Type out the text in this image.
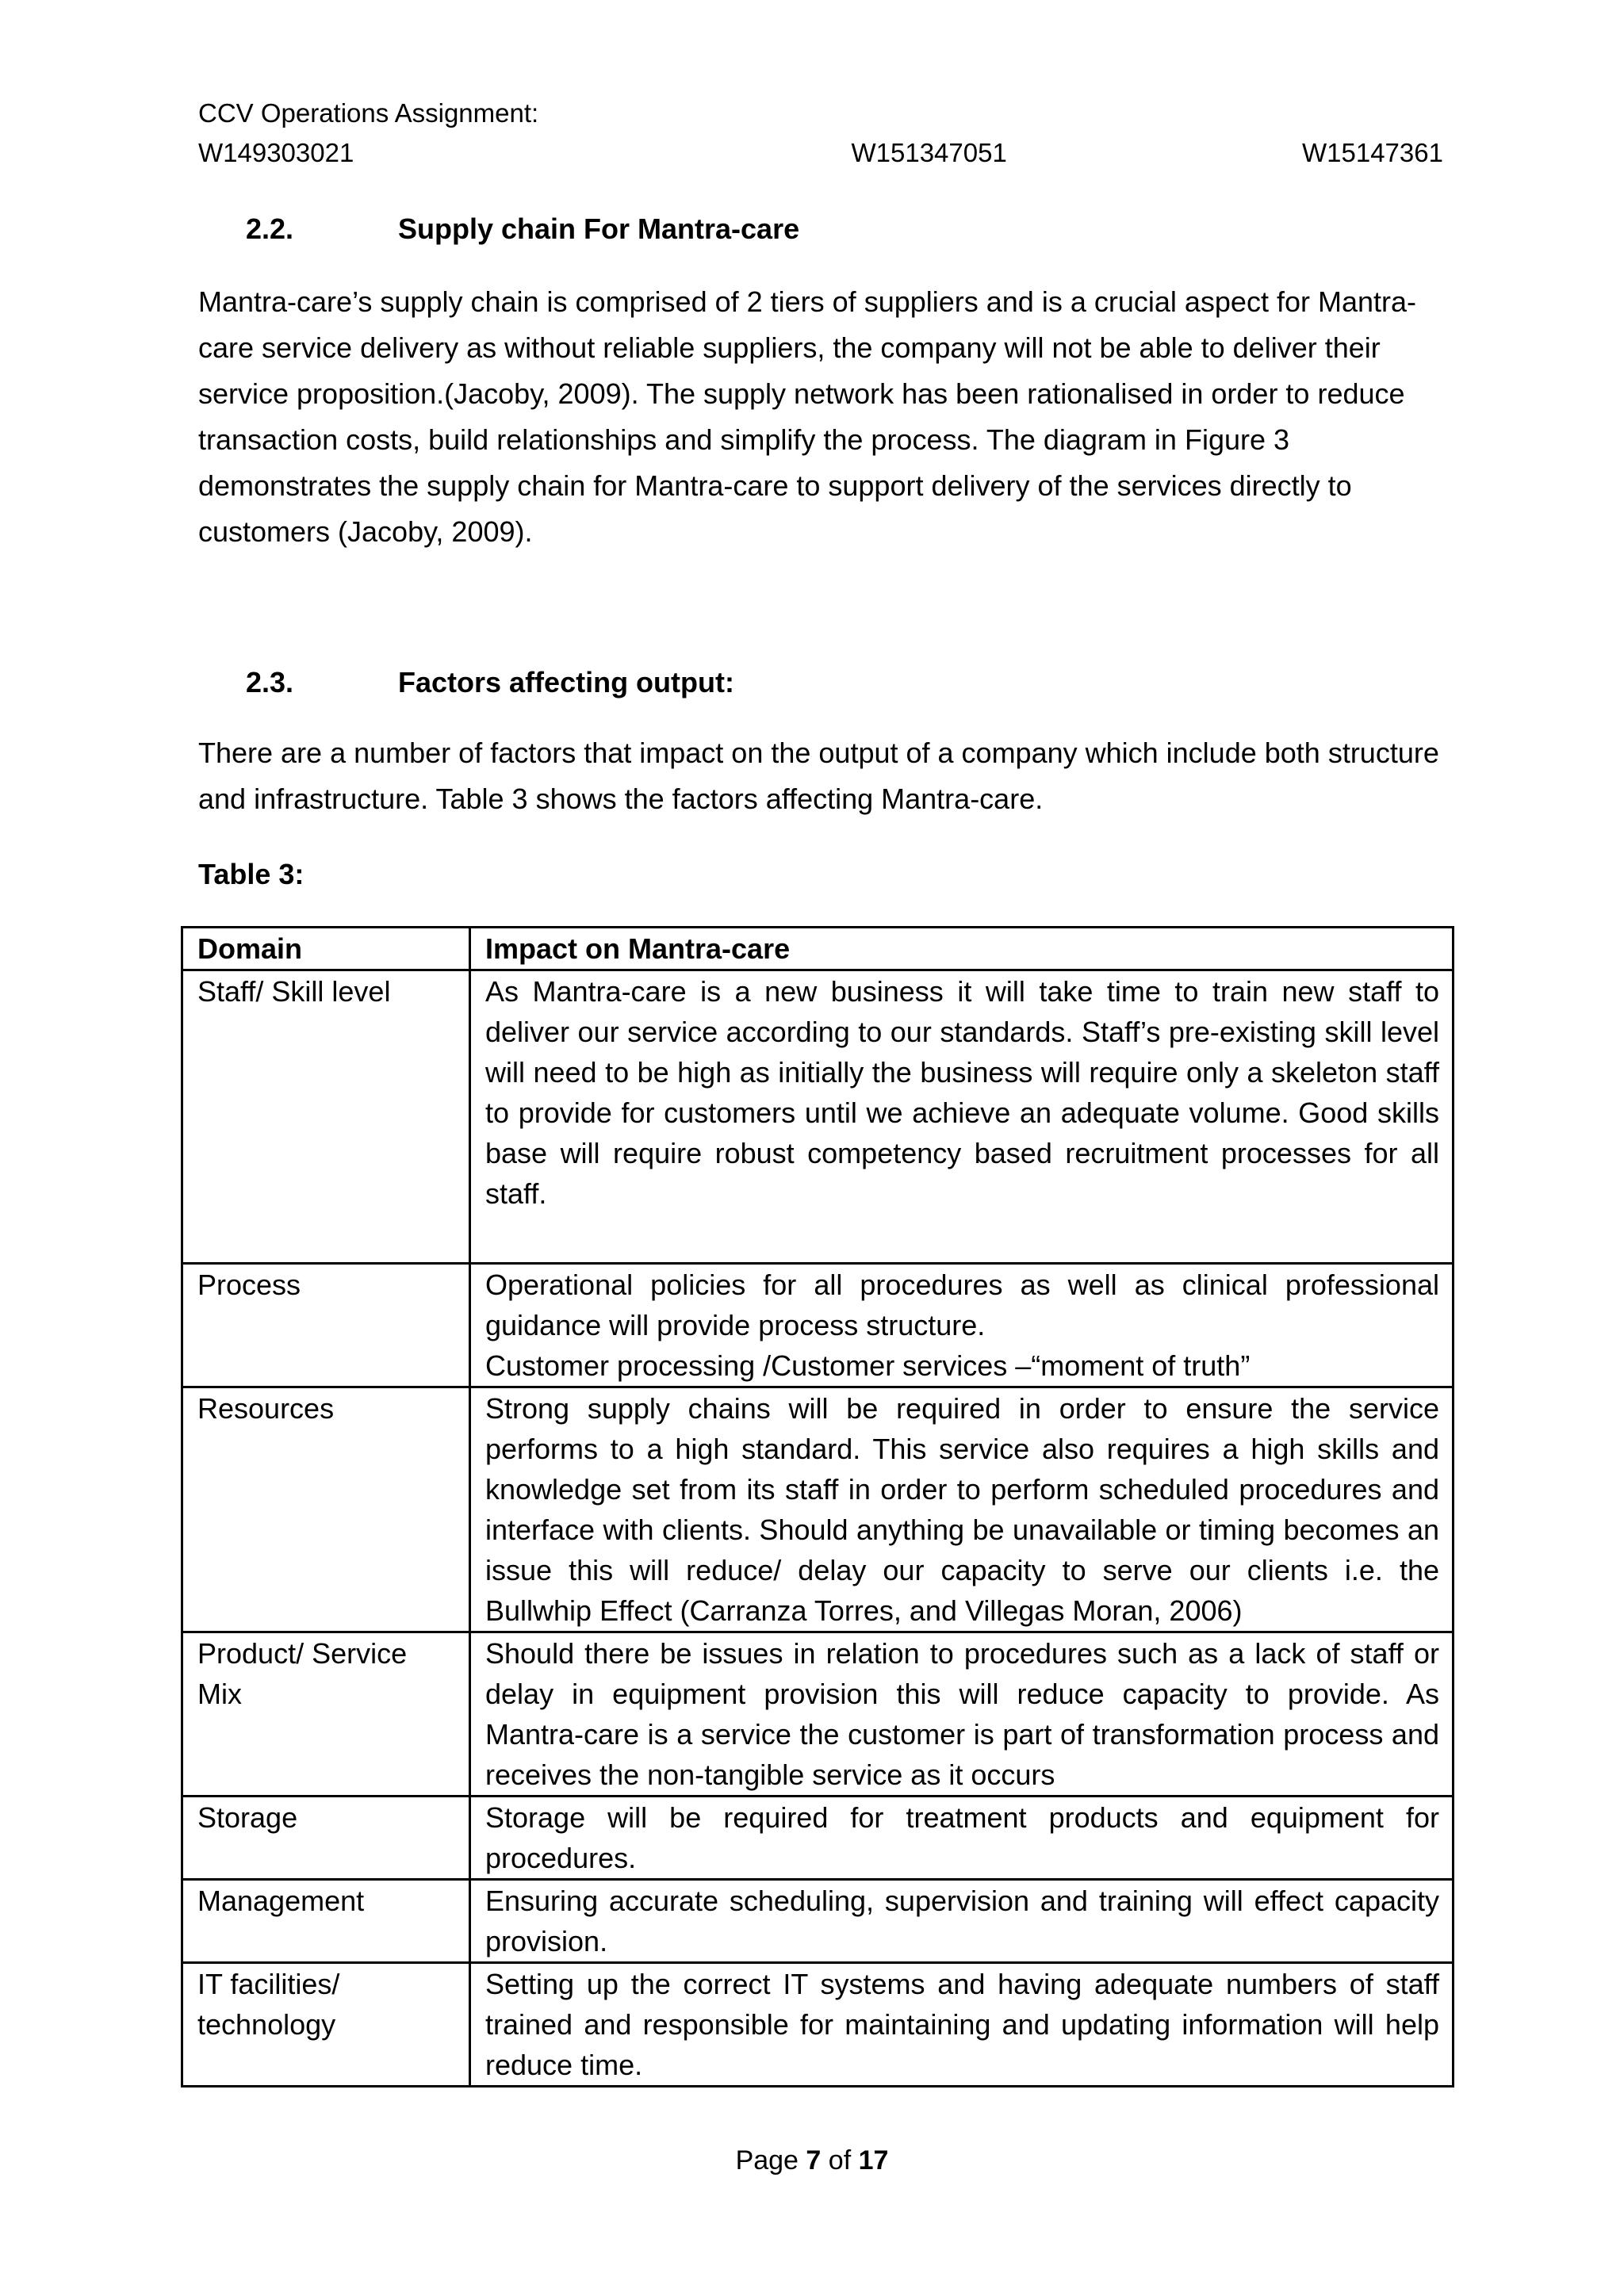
CCV Operations Assignment:
W149303021	W151347051	W15147361
2.2.	Supply chain For Mantra-care

Mantra-care’s supply chain is comprised of 2 tiers of suppliers and is a crucial aspect for Mantra-care service delivery as without reliable suppliers, the company will not be able to deliver their service proposition.(Jacoby, 2009). The supply network has been rationalised in order to reduce transaction costs, build relationships and simplify the process. The diagram in Figure 3 demonstrates the supply chain for Mantra-care to support delivery of the services directly to customers (Jacoby, 2009).

2.3.	Factors affecting output:

There are a number of factors that impact on the output of a company which include both structure and infrastructure. Table 3 shows the factors affecting Mantra-care.

Table 3:
Domain	Impact on Mantra-care
Staff/ Skill level	As Mantra-care is a new business it will take time to train new staff to deliver our service according to our standards. Staff’s pre-existing skill level will need to be high as initially the business will require only a skeleton staff to provide for customers until we achieve an adequate volume. Good skills base will require robust competency based recruitment processes for all staff.
Process	Operational policies for all procedures as well as clinical professional guidance will provide process structure.
Customer processing /Customer services –“moment of truth”

Resources	Strong supply chains will be required in order to ensure the service performs to a high standard. This service also requires a high skills and knowledge set from its staff in order to perform scheduled procedures and interface with clients. Should anything be unavailable or timing becomes an issue this will reduce/ delay our capacity to serve our clients i.e. the Bullwhip Effect (Carranza Torres, and Villegas Moran, 2006)
Product/ Service Mix	Should there be issues in relation to procedures such as a lack of staff or delay in equipment provision this will reduce capacity to provide. As Mantra-care is a service the customer is part of transformation process and receives the non-tangible service as it occurs
Storage	Storage will be required for treatment products and equipment for procedures.
Management	Ensuring accurate scheduling, supervision and training will effect capacity provision.
IT facilities/ technology	Setting up the correct IT systems and having adequate numbers of staff trained and responsible for maintaining and updating information will help reduce time.
Page 7 of 17
